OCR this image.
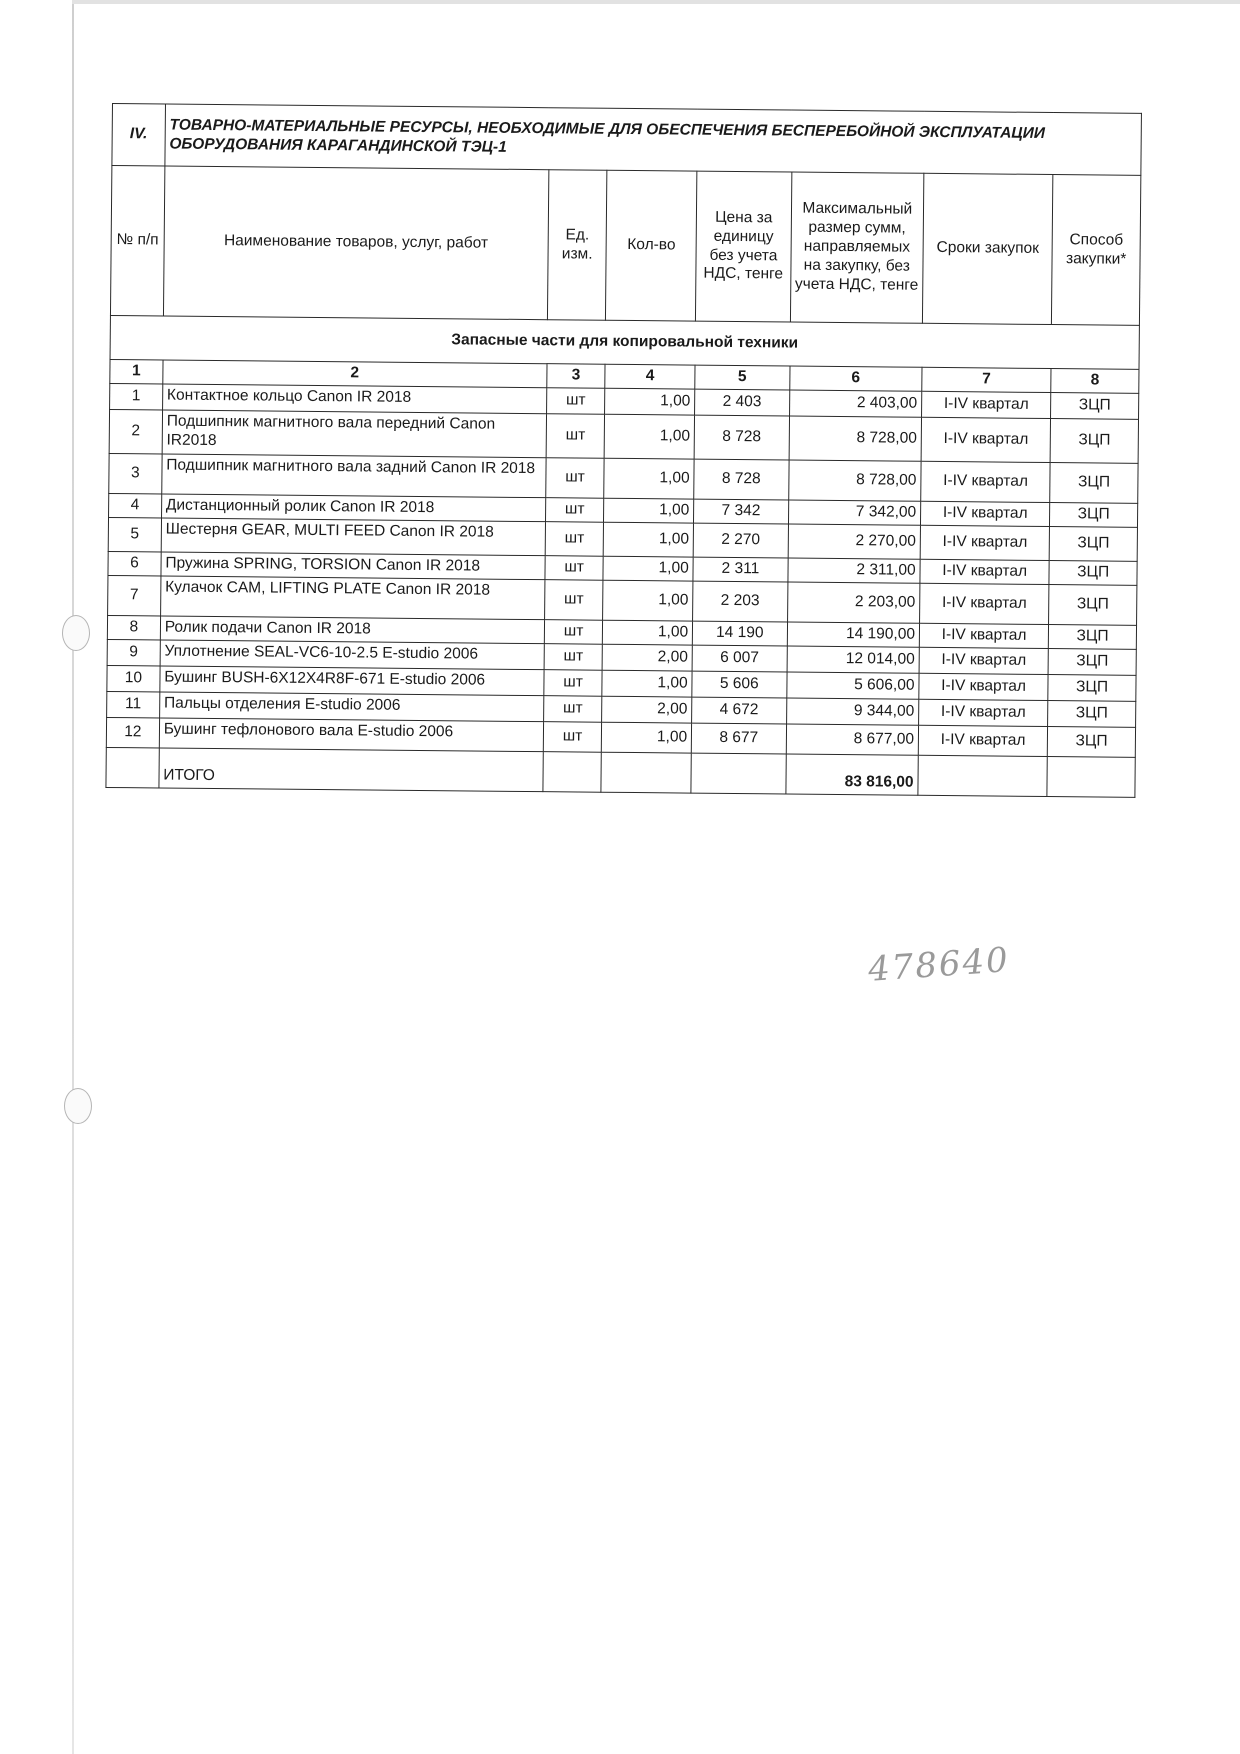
IV.	ТОВАРНО-МАТЕРИАЛЬНЫЕ РЕСУРСЫ, НЕОБХОДИМЫЕ ДЛЯ ОБЕСПЕЧЕНИЯ БЕСПЕРЕБОЙНОЙ ЭКСПЛУАТАЦИИ ОБОРУДОВАНИЯ КАРАГАНДИНСКОЙ ТЭЦ-1						
№ п/п	Наименование товаров, услуг, работ	Ед. изм.	Кол-во	Цена за единицу без учета НДС, тенге	Максимальный размер сумм, направляемых на закупку, без учета НДС, тенге	Сроки закупок	Способ закупки*
Запасные части для копировальной техники							
1	2	3	4	5	6	7	8
1	Контактное кольцо Canon IR 2018	шт	1,00	2 403	2 403,00	I-IV квартал	ЗЦП
2	Подшипник магнитного вала передний Canon IR2018	шт	1,00	8 728	8 728,00	I-IV квартал	ЗЦП
3	Подшипник магнитного вала задний Canon IR 2018	шт	1,00	8 728	8 728,00	I-IV квартал	ЗЦП
4	Дистанционный ролик Canon IR 2018	шт	1,00	7 342	7 342,00	I-IV квартал	ЗЦП
5	Шестерня GEAR, MULTI FEED Canon IR 2018	шт	1,00	2 270	2 270,00	I-IV квартал	ЗЦП
6	Пружина SPRING, TORSION Canon IR 2018	шт	1,00	2 311	2 311,00	I-IV квартал	ЗЦП
7	Кулачок CAM, LIFTING PLATE Canon IR 2018	шт	1,00	2 203	2 203,00	I-IV квартал	ЗЦП
8	Ролик подачи Canon IR 2018	шт	1,00	14 190	14 190,00	I-IV квартал	ЗЦП
9	Уплотнение SEAL-VC6-10-2.5 E-studio 2006	шт	2,00	6 007	12 014,00	I-IV квартал	ЗЦП
10	Бушинг BUSH-6X12X4R8F-671 E-studio 2006	шт	1,00	5 606	5 606,00	I-IV квартал	ЗЦП
11	Пальцы отделения E-studio 2006	шт	2,00	4 672	9 344,00	I-IV квартал	ЗЦП
12	Бушинг тефлонового вала E-studio 2006	шт	1,00	8 677	8 677,00	I-IV квартал	ЗЦП
	ИТОГО				83 816,00		
478640
